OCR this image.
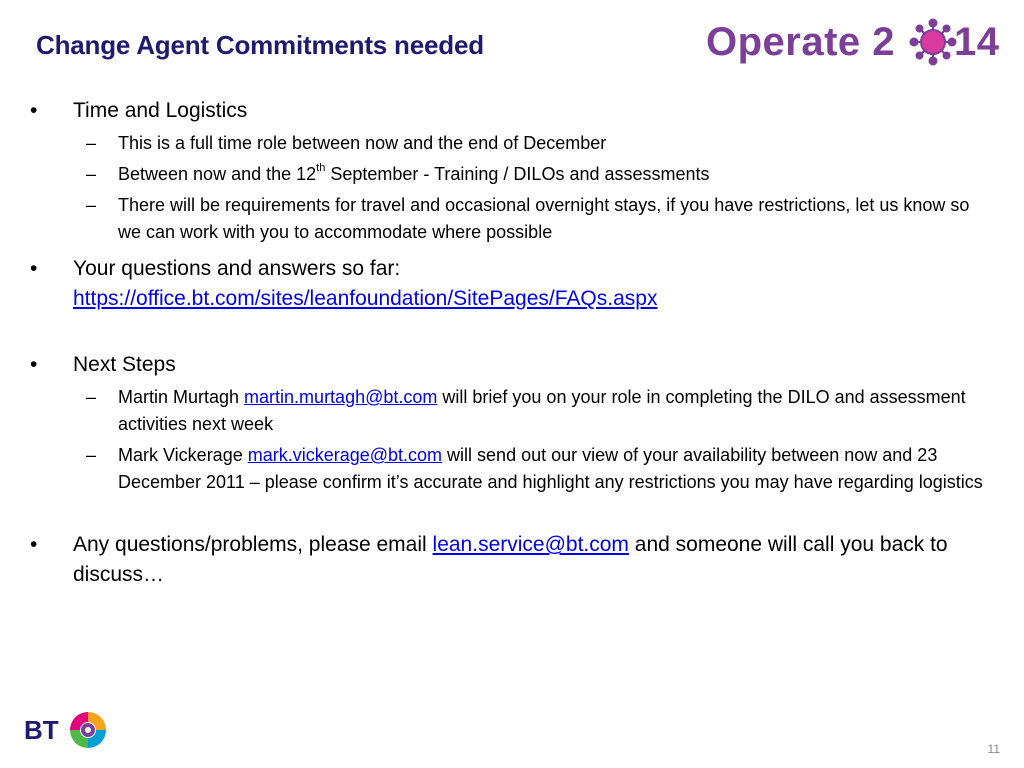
Change Agent Commitments needed	Operate 2 14
•	Time and Logistics
– This is a full time role between now and the end of December
– Between now and the 12th September - Training / DILOs and assessments
– There will be requirements for travel and occasional overnight stays, if you have restrictions, let us know so we can work with you to accommodate where possible
•	Your questions and answers so far:
https://office.bt.com/sites/leanfoundation/SitePages/FAQs.aspx
•	Next Steps
– Martin Murtagh martin.murtagh@bt.com will brief you on your role in completing the DILO and assessment activities next week
– Mark Vickerage mark.vickerage@bt.com will send out our view of your availability between now and 23 December 2011 – please confirm it’s accurate and highlight any restrictions you may have regarding logistics
•	Any questions/problems, please email lean.service@bt.com and someone will call you back to discuss…
BT
11
